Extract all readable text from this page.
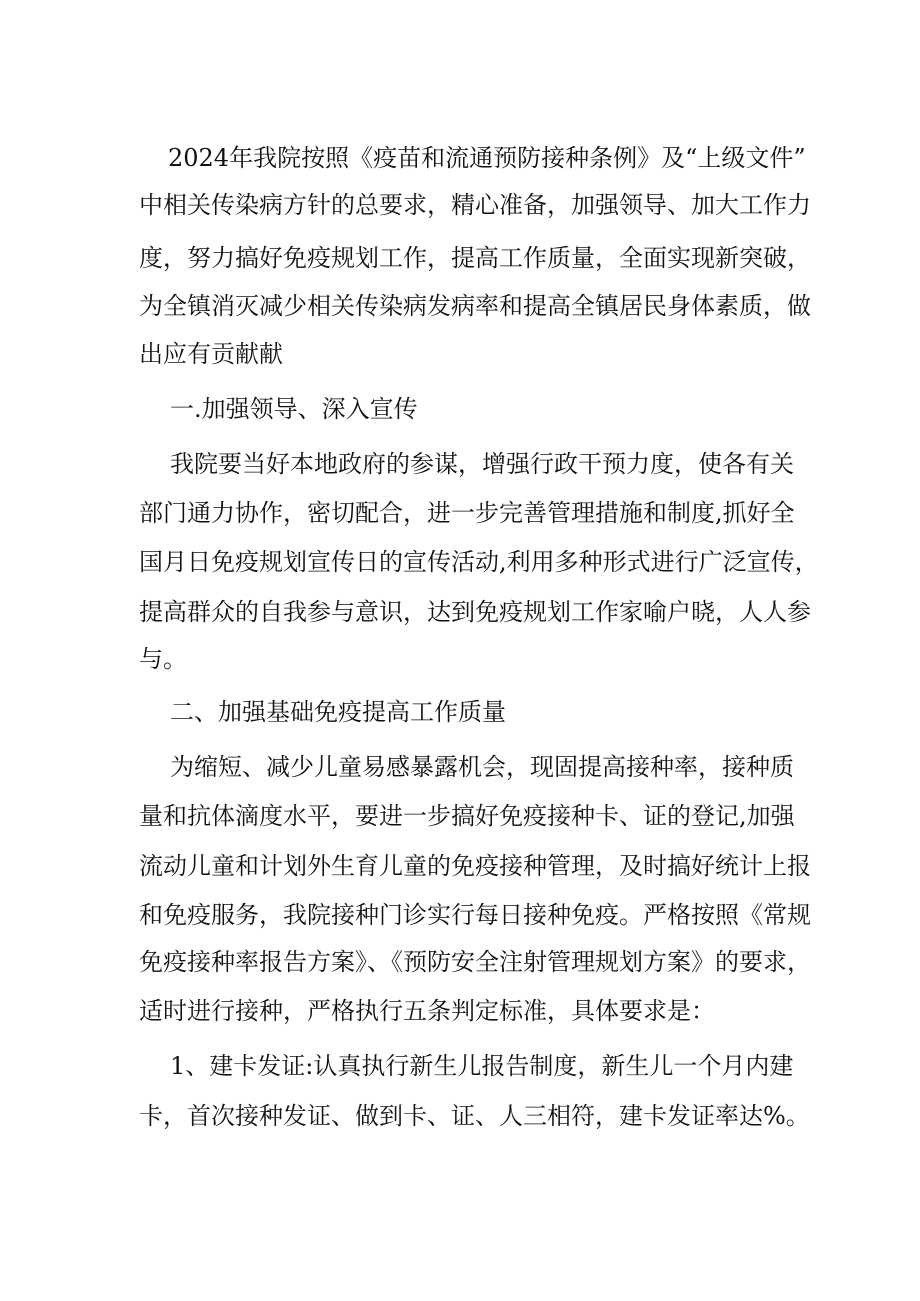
2024年我院按照《疫苗和流通预防接种条例》及“上级文件”

中相关传染病方针的总要求，精心准备，加强领导、加大工作力

度，努力搞好免疫规划工作，提高工作质量，全面实现新突破，

为全镇消灭减少相关传染病发病率和提高全镇居民身体素质，做

出应有贡献献

一.加强领导、深入宣传

我院要当好本地政府的参谋，增强行政干预力度，使各有关

部门通力协作，密切配合，进一步完善管理措施和制度,抓好全

国月日免疫规划宣传日的宣传活动,利用多种形式进行广泛宣传，

提高群众的自我参与意识，达到免疫规划工作家喻户晓，人人参

与。

二、加强基础免疫提高工作质量

为缩短、减少儿童易感暴露机会，现固提高接种率，接种质

量和抗体滴度水平，要进一步搞好免疫接种卡、证的登记,加强

流动儿童和计划外生育儿童的免疫接种管理，及时搞好统计上报

和免疫服务，我院接种门诊实行每日接种免疫。严格按照《常规

免疫接种率报告方案》、《预防安全注射管理规划方案》的要求，

适时进行接种，严格执行五条判定标准，具体要求是：

1、建卡发证:认真执行新生儿报告制度，新生儿一个月内建

卡，首次接种发证、做到卡、证、人三相符，建卡发证率达%。
